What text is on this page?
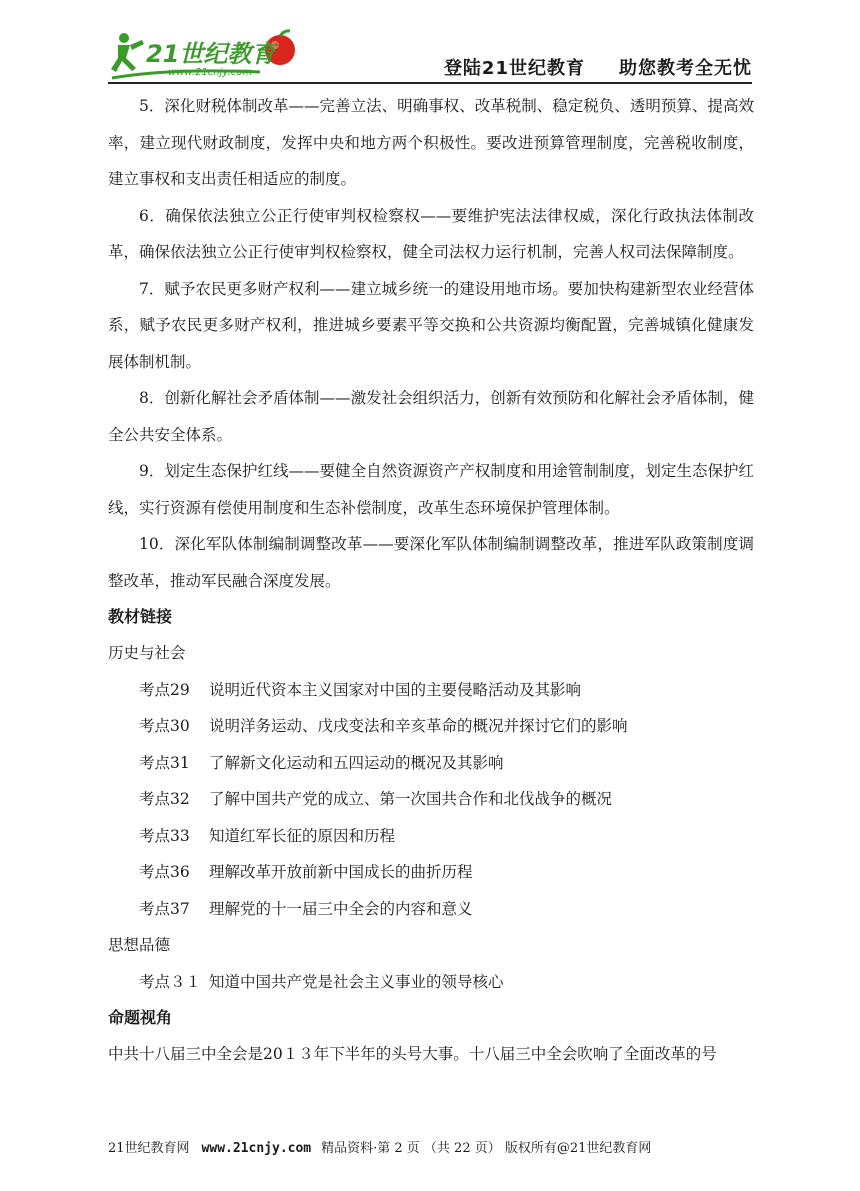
21世纪教育
www.21cnjy.com	登陆21世纪教育 助您教考全无忧

5．深化财税体制改革——完善立法、明确事权、改革税制、稳定税负、透明预算、提高效率，建立现代财政制度，发挥中央和地方两个积极性。要改进预算管理制度，完善税收制度，建立事权和支出责任相适应的制度。

6．确保依法独立公正行使审判权检察权——要维护宪法法律权威，深化行政执法体制改革，确保依法独立公正行使审判权检察权，健全司法权力运行机制，完善人权司法保障制度。

7．赋予农民更多财产权利——建立城乡统一的建设用地市场。要加快构建新型农业经营体系，赋予农民更多财产权利，推进城乡要素平等交换和公共资源均衡配置，完善城镇化健康发展体制机制。

8．创新化解社会矛盾体制——激发社会组织活力，创新有效预防和化解社会矛盾体制，健全公共安全体系。

9．划定生态保护红线——要健全自然资源资产产权制度和用途管制制度，划定生态保护红线，实行资源有偿使用制度和生态补偿制度，改革生态环境保护管理体制。

10．深化军队体制编制调整改革——要深化军队体制编制调整改革，推进军队政策制度调整改革，推动军民融合深度发展。

教材链接

历史与社会

考点29 说明近代资本主义国家对中国的主要侵略活动及其影响

考点30 说明洋务运动、戊戌变法和辛亥革命的概况并探讨它们的影响

考点31 了解新文化运动和五四运动的概况及其影响

考点32 了解中国共产党的成立、第一次国共合作和北伐战争的概况

考点33 知道红军长征的原因和历程

考点36 理解改革开放前新中国成长的曲折历程

考点37 理解党的十一届三中全会的内容和意义

思想品德

考点３１ 知道中国共产党是社会主义事业的领导核心

命题视角

中共十八届三中全会是20１３年下半年的头号大事。十八届三中全会吹响了全面改革的号

21世纪教育网 www.21cnjy.com 精品资料·第 2 页 （共 22 页） 版权所有@21世纪教育网
